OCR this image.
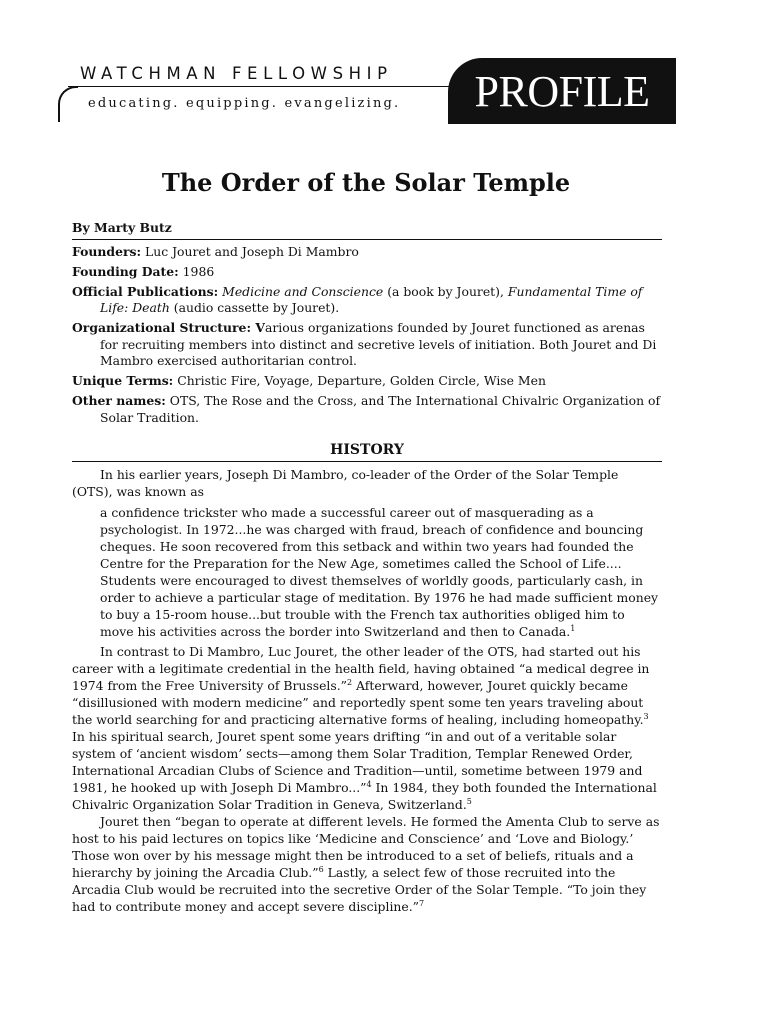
WATCHMAN FELLOWSHIP
educating. equipping. evangelizing.	PROFILE
The Order of the Solar Temple
By Marty Butz
Founders: Luc Jouret and Joseph Di Mambro
Founding Date: 1986
Official Publications: Medicine and Conscience (a book by Jouret), Fundamental Time of Life: Death (audio cassette by Jouret).
Organizational Structure: Various organizations founded by Jouret functioned as arenas for recruiting members into distinct and secretive levels of initiation. Both Jouret and Di Mambro exercised authoritarian control.
Unique Terms: Christic Fire, Voyage, Departure, Golden Circle, Wise Men
Other names: OTS, The Rose and the Cross, and The International Chivalric Organization of Solar Tradition.
HISTORY
In his earlier years, Joseph Di Mambro, co-leader of the Order of the Solar Temple (OTS), was known as
a confidence trickster who made a successful career out of masquerading as a psychologist. In 1972...he was charged with fraud, breach of confidence and bouncing cheques. He soon recovered from this setback and within two years had founded the Centre for the Preparation for the New Age, sometimes called the School of Life.... Students were encouraged to divest themselves of worldly goods, particularly cash, in order to achieve a particular stage of meditation. By 1976 he had made sufficient money to buy a 15-room house...but trouble with the French tax authorities obliged him to move his activities across the border into Switzerland and then to Canada.$^1$
In contrast to Di Mambro, Luc Jouret, the other leader of the OTS, had started out his career with a legitimate credential in the health field, having obtained “a medical degree in 1974 from the Free University of Brussels.”$^2$ Afterward, however, Jouret quickly became “disillusioned with modern medicine” and reportedly spent some ten years traveling about the world searching for and practicing alternative forms of healing, including homeopathy.$^3$ In his spiritual search, Jouret spent some years drifting “in and out of a veritable solar system of ‘ancient wisdom’ sects—among them Solar Tradition, Templar Renewed Order, International Arcadian Clubs of Science and Tradition—until, sometime between 1979 and 1981, he hooked up with Joseph Di Mambro...”$^4$ In 1984, they both founded the International Chivalric Organization Solar Tradition in Geneva, Switzerland.$^5$
Jouret then “began to operate at different levels. He formed the Amenta Club to serve as host to his paid lectures on topics like ‘Medicine and Conscience’ and ‘Love and Biology.’ Those won over by his message might then be introduced to a set of beliefs, rituals and a hierarchy by joining the Arcadia Club.”$^6$ Lastly, a select few of those recruited into the Arcadia Club would be recruited into the secretive Order of the Solar Temple. “To join they had to contribute money and accept severe discipline.”$^7$
